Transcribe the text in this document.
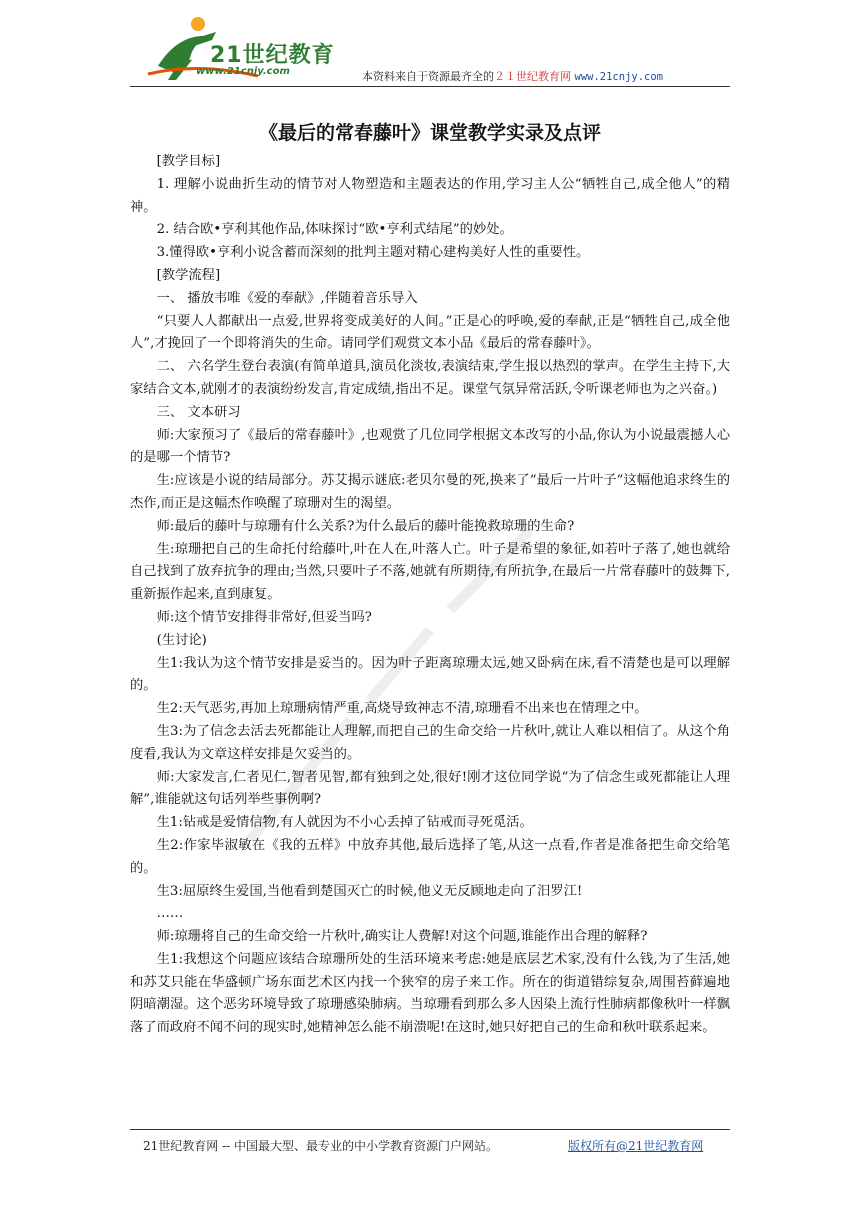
21世纪教育
www.21cnjy.com	本资料来自于资源最齐全的２１世纪教育网 www.21cnjy.com
《最后的常春藤叶》课堂教学实录及点评

[教学目标]

1. 理解小说曲折生动的情节对人物塑造和主题表达的作用,学习主人公“牺牲自己,成全他人”的精神。

2. 结合欧•亨利其他作品,体味探讨“欧•亨利式结尾”的妙处。

3.懂得欧•亨利小说含蓄而深刻的批判主题对精心建构美好人性的重要性。

[教学流程]

一、 播放韦唯《爱的奉献》,伴随着音乐导入

“只要人人都献出一点爱,世界将变成美好的人间。”正是心的呼唤,爱的奉献,正是“牺牲自己,成全他人”,才挽回了一个即将消失的生命。请同学们观赏文本小品《最后的常春藤叶》。

二、 六名学生登台表演(有简单道具,演员化淡妆,表演结束,学生报以热烈的掌声。在学生主持下,大家结合文本,就刚才的表演纷纷发言,肯定成绩,指出不足。课堂气氛异常活跃,令听课老师也为之兴奋。)

三、 文本研习

师:大家预习了《最后的常春藤叶》,也观赏了几位同学根据文本改写的小品,你认为小说最震撼人心的是哪一个情节?

生:应该是小说的结局部分。苏艾揭示谜底:老贝尔曼的死,换来了“最后一片叶子”这幅他追求终生的杰作,而正是这幅杰作唤醒了琼珊对生的渴望。

师:最后的藤叶与琼珊有什么关系?为什么最后的藤叶能挽救琼珊的生命?

生:琼珊把自己的生命托付给藤叶,叶在人在,叶落人亡。叶子是希望的象征,如若叶子落了,她也就给自己找到了放弃抗争的理由;当然,只要叶子不落,她就有所期待,有所抗争,在最后一片常春藤叶的鼓舞下,重新振作起来,直到康复。

师:这个情节安排得非常好,但妥当吗?

(生讨论)

生1:我认为这个情节安排是妥当的。因为叶子距离琼珊太远,她又卧病在床,看不清楚也是可以理解的。

生2:天气恶劣,再加上琼珊病情严重,高烧导致神志不清,琼珊看不出来也在情理之中。

生3:为了信念去活去死都能让人理解,而把自己的生命交给一片秋叶,就让人难以相信了。从这个角度看,我认为文章这样安排是欠妥当的。

师:大家发言,仁者见仁,智者见智,都有独到之处,很好!刚才这位同学说“为了信念生或死都能让人理解”,谁能就这句话列举些事例啊?

生1:钻戒是爱情信物,有人就因为不小心丢掉了钻戒而寻死觅活。

生2:作家毕淑敏在《我的五样》中放弃其他,最后选择了笔,从这一点看,作者是准备把生命交给笔的。

生3:屈原终生爱国,当他看到楚国灭亡的时候,他义无反顾地走向了汨罗江!

……

师:琼珊将自己的生命交给一片秋叶,确实让人费解!对这个问题,谁能作出合理的解释?

生1:我想这个问题应该结合琼珊所处的生活环境来考虑:她是底层艺术家,没有什么钱,为了生活,她和苏艾只能在华盛顿广场东面艺术区内找一个狭窄的房子来工作。所在的街道错综复杂,周围苔藓遍地阴暗潮湿。这个恶劣环境导致了琼珊感染肺病。当琼珊看到那么多人因染上流行性肺病都像秋叶一样飘落了而政府不闻不问的现实时,她精神怎么能不崩溃呢!在这时,她只好把自己的生命和秋叶联系起来。

21世纪教育网 -- 中国最大型、最专业的中小学教育资源门户网站。	版权所有@21世纪教育网
